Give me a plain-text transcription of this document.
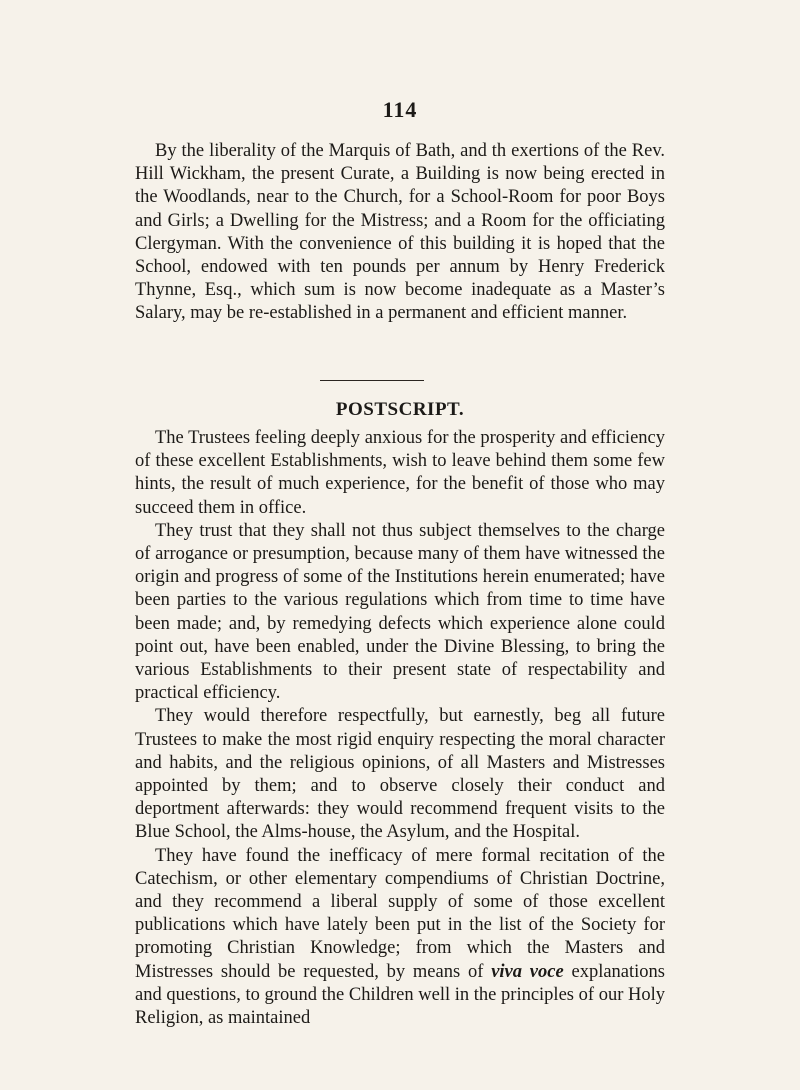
114
By the liberality of the Marquis of Bath, and th exertions of the Rev. Hill Wickham, the present Curate, a Building is now being erected in the Woodlands, near to the Church, for a School-Room for poor Boys and Girls; a Dwelling for the Mistress; and a Room for the officiating Clergyman. With the convenience of this building it is hoped that the School, endowed with ten pounds per annum by Henry Frederick Thynne, Esq., which sum is now become inadequate as a Master’s Salary, may be re-established in a permanent and efficient manner.
POSTSCRIPT.

The Trustees feeling deeply anxious for the prosperity and efficiency of these excellent Establishments, wish to leave behind them some few hints, the result of much experience, for the benefit of those who may succeed them in office.

They trust that they shall not thus subject themselves to the charge of arrogance or presumption, because many of them have witnessed the origin and progress of some of the Institutions herein enumerated; have been parties to the various regulations which from time to time have been made; and, by remedying defects which experience alone could point out, have been enabled, under the Divine Blessing, to bring the various Establishments to their present state of respectability and practical efficiency.

They would therefore respectfully, but earnestly, beg all future Trustees to make the most rigid enquiry respecting the moral character and habits, and the religious opinions, of all Masters and Mistresses appointed by them; and to observe closely their conduct and deportment afterwards: they would recommend frequent visits to the Blue School, the Alms-house, the Asylum, and the Hospital.

They have found the inefficacy of mere formal recitation of the Catechism, or other elementary compendiums of Christian Doctrine, and they recommend a liberal supply of some of those excellent publications which have lately been put in the list of the Society for promoting Christian Knowledge; from which the Masters and Mistresses should be requested, by means of viva voce explanations and questions, to ground the Children well in the principles of our Holy Religion, as maintained
